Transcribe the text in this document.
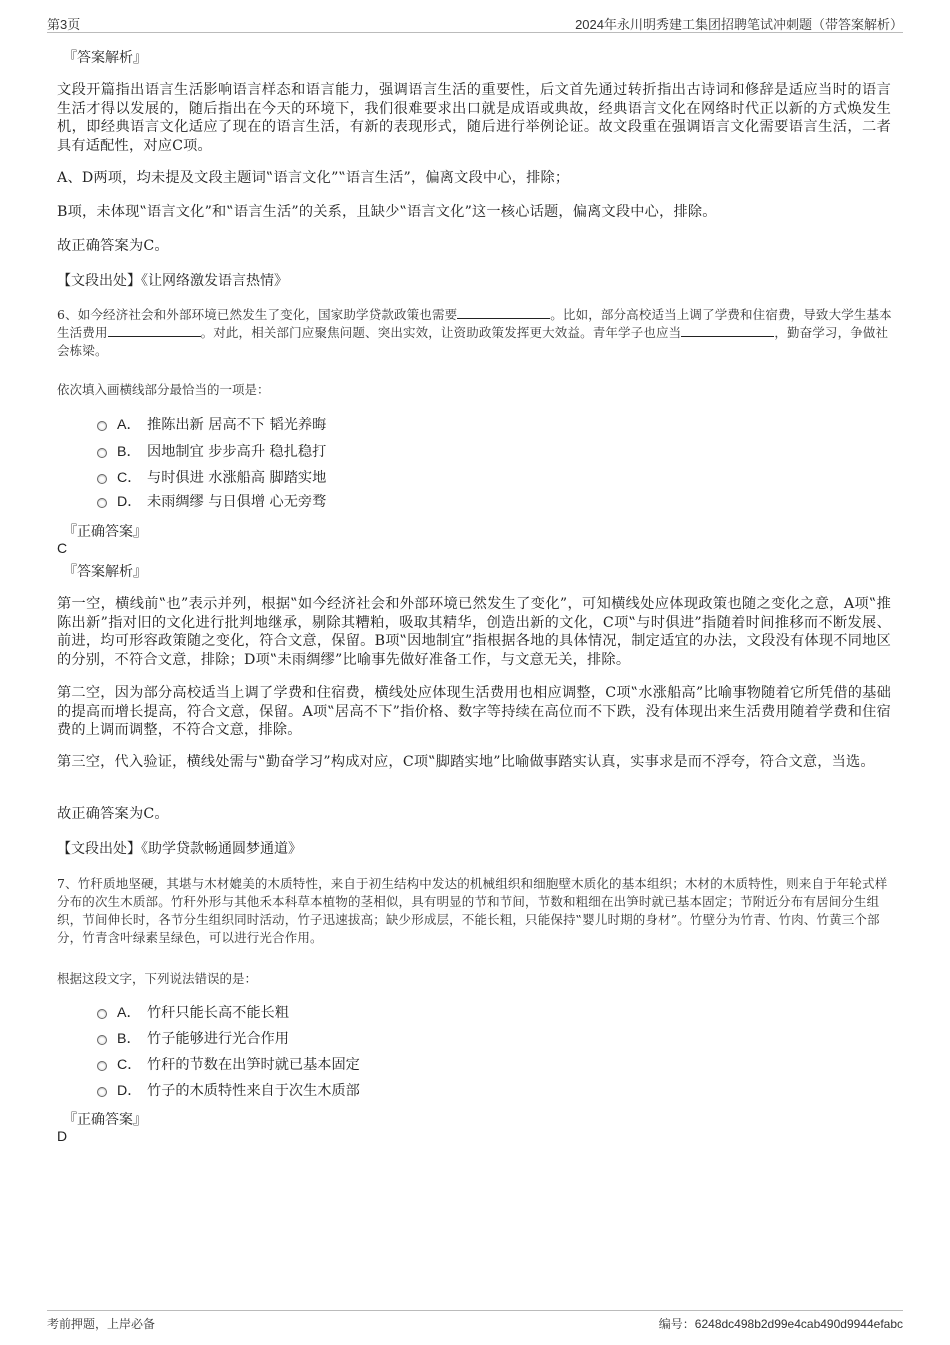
第3页	2024年永川明秀建工集团招聘笔试冲刺题（带答案解析）
『答案解析』
文段开篇指出语言生活影响语言样态和语言能力，强调语言生活的重要性，后文首先通过转折指出古诗词和修辞是适应当时的语言生活才得以发展的，随后指出在今天的环境下，我们很难要求出口就是成语或典故，经典语言文化在网络时代正以新的方式焕发生机，即经典语言文化适应了现在的语言生活，有新的表现形式，随后进行举例论证。故文段重在强调语言文化需要语言生活，二者具有适配性，对应C项。
A、D两项，均未提及文段主题词‟语言文化”‟语言生活”，偏离文段中心，排除；
B项，未体现‟语言文化”和‟语言生活”的关系，且缺少‟语言文化”这一核心话题，偏离文段中心，排除。
故正确答案为C。
【文段出处】《让网络激发语言热情》
6、如今经济社会和外部环境已然发生了变化，国家助学贷款政策也需要	。比如，部分高校适当上调了学费和住宿费，导致大学生基本生活费用	。对此，相关部门应聚焦问题、突出实效，让资助政策发挥更大效益。青年学子也应当	，勤奋学习，争做社会栋梁。
依次填入画横线部分最恰当的一项是：
A． 推陈出新 居高不下 韬光养晦
B． 因地制宜 步步高升 稳扎稳打
C． 与时俱进 水涨船高 脚踏实地
D． 未雨绸缪 与日俱增 心无旁骛
『正确答案』
C
『答案解析』
第一空，横线前‟也”表示并列，根据‟如今经济社会和外部环境已然发生了变化”，可知横线处应体现政策也随之变化之意，A项‟推陈出新”指对旧的文化进行批判地继承，剔除其糟粕，吸取其精华，创造出新的文化，C项‟与时俱进”指随着时间推移而不断发展、前进，均可形容政策随之变化，符合文意，保留。B项‟因地制宜”指根据各地的具体情况，制定适宜的办法，文段没有体现不同地区的分别，不符合文意，排除；D项‟未雨绸缪”比喻事先做好准备工作，与文意无关，排除。
第二空，因为部分高校适当上调了学费和住宿费，横线处应体现生活费用也相应调整，C项‟水涨船高”比喻事物随着它所凭借的基础的提高而增长提高，符合文意，保留。A项‟居高不下”指价格、数字等持续在高位而不下跌，没有体现出来生活费用随着学费和住宿费的上调而调整，不符合文意，排除。
第三空，代入验证，横线处需与‟勤奋学习”构成对应，C项‟脚踏实地”比喻做事踏实认真，实事求是而不浮夸，符合文意，当选。
故正确答案为C。
【文段出处】《助学贷款畅通圆梦通道》
7、竹秆质地坚硬，其堪与木材媲美的木质特性，来自于初生结构中发达的机械组织和细胞壁木质化的基本组织；木材的木质特性，则来自于年轮式样分布的次生木质部。竹秆外形与其他禾本科草本植物的茎相似，具有明显的节和节间，节数和粗细在出笋时就已基本固定；节附近分布有居间分生组织，节间伸长时，各节分生组织同时活动，竹子迅速拔高；缺少形成层，不能长粗，只能保持‟婴儿时期的身材”。竹壁分为竹青、竹肉、竹黄三个部分，竹青含叶绿素呈绿色，可以进行光合作用。
根据这段文字，下列说法错误的是：
A． 竹秆只能长高不能长粗
B． 竹子能够进行光合作用
C． 竹秆的节数在出笋时就已基本固定
D． 竹子的木质特性来自于次生木质部
『正确答案』
D
考前押题，上岸必备	编号：6248dc498b2d99e4cab490d9944efabc
